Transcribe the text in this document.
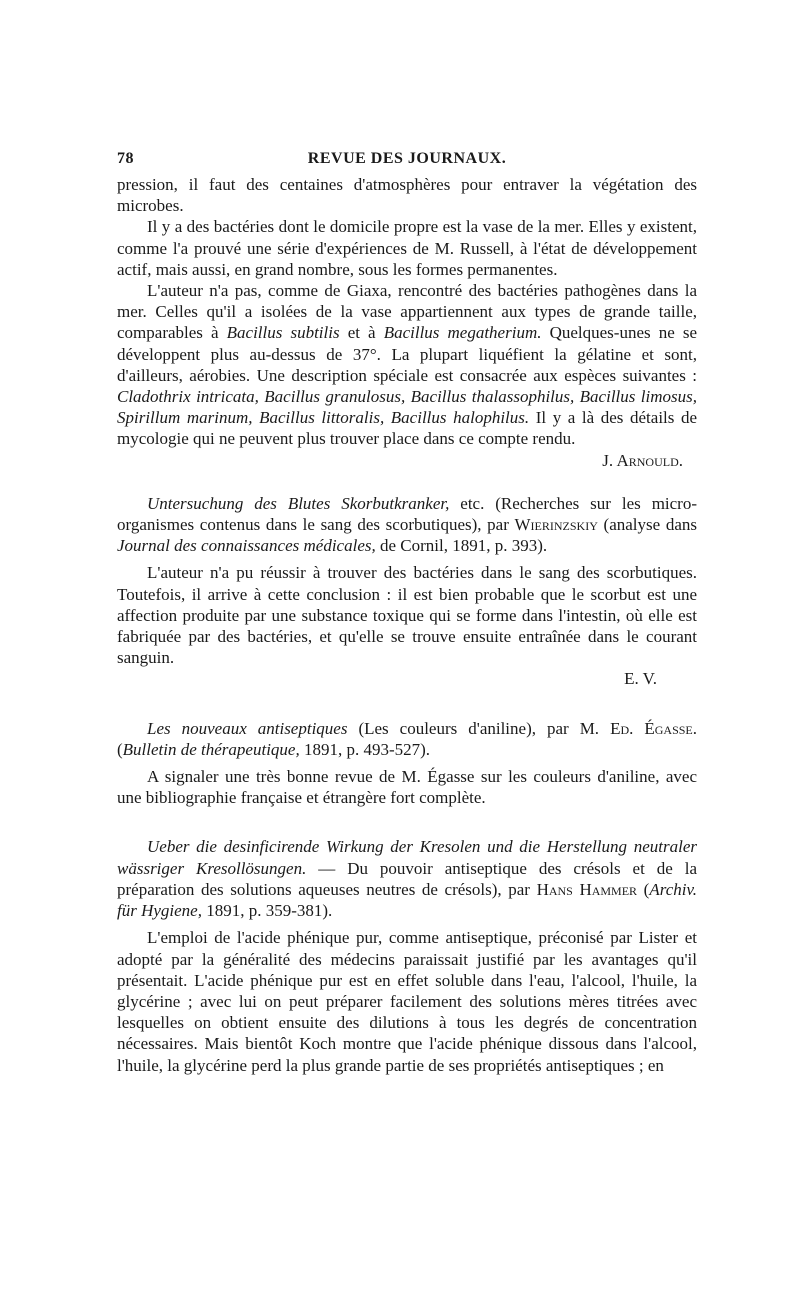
78	REVUE DES JOURNAUX.

pression, il faut des centaines d'atmosphères pour entraver la végétation des microbes.

Il y a des bactéries dont le domicile propre est la vase de la mer. Elles y existent, comme l'a prouvé une série d'expériences de M. Russell, à l'état de développement actif, mais aussi, en grand nombre, sous les formes permanentes.

L'auteur n'a pas, comme de Giaxa, rencontré des bactéries pathogènes dans la mer. Celles qu'il a isolées de la vase appartiennent aux types de grande taille, comparables à Bacillus subtilis et à Bacillus megatherium. Quelques-unes ne se développent plus au-dessus de 37°. La plupart liquéfient la gélatine et sont, d'ailleurs, aérobies. Une description spéciale est consacrée aux espèces suivantes : Cladothrix intricata, Bacillus granulosus, Bacillus thalassophilus, Bacillus limosus, Spirillum marinum, Bacillus littoralis, Bacillus halophilus. Il y a là des détails de mycologie qui ne peuvent plus trouver place dans ce compte rendu.

J. Arnould.

Untersuchung des Blutes Skorbutkranker, etc. (Recherches sur les micro-organismes contenus dans le sang des scorbutiques), par Wierinzskiy (analyse dans Journal des connaissances médicales, de Cornil, 1891, p. 393).

L'auteur n'a pu réussir à trouver des bactéries dans le sang des scorbutiques. Toutefois, il arrive à cette conclusion : il est bien probable que le scorbut est une affection produite par une substance toxique qui se forme dans l'intestin, où elle est fabriquée par des bactéries, et qu'elle se trouve ensuite entraînée dans le courant sanguin.

E. V.

Les nouveaux antiseptiques (Les couleurs d'aniline), par M. Ed. Égasse. (Bulletin de thérapeutique, 1891, p. 493-527).

A signaler une très bonne revue de M. Égasse sur les couleurs d'aniline, avec une bibliographie française et étrangère fort complète.

Ueber die desinficirende Wirkung der Kresolen und die Herstellung neutraler wässriger Kresollösungen. — Du pouvoir antiseptique des crésols et de la préparation des solutions aqueuses neutres de crésols), par Hans Hammer (Archiv. für Hygiene, 1891, p. 359-381).

L'emploi de l'acide phénique pur, comme antiseptique, préconisé par Lister et adopté par la généralité des médecins paraissait justifié par les avantages qu'il présentait. L'acide phénique pur est en effet soluble dans l'eau, l'alcool, l'huile, la glycérine ; avec lui on peut préparer facilement des solutions mères titrées avec lesquelles on obtient ensuite des dilutions à tous les degrés de concentration nécessaires. Mais bientôt Koch montre que l'acide phénique dissous dans l'alcool, l'huile, la glycérine perd la plus grande partie de ses propriétés antiseptiques ; en
